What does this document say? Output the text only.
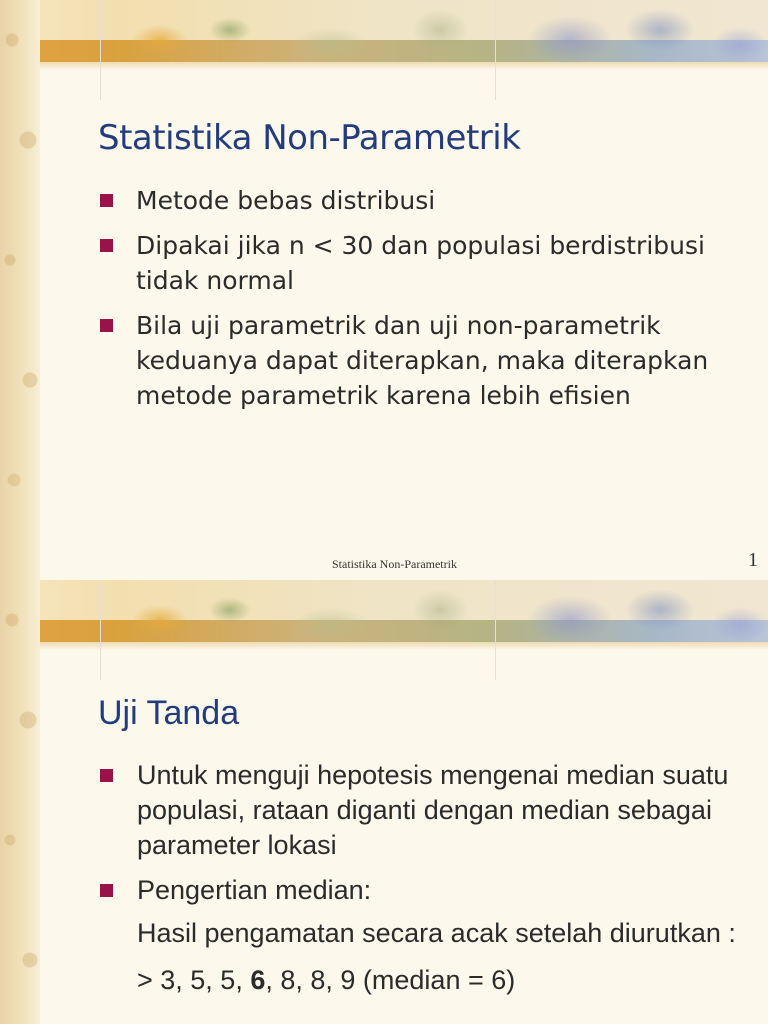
Statistika Non-Parametrik
Metode bebas distribusi
Dipakai jika n < 30 dan populasi berdistribusi tidak normal
Bila uji parametrik dan uji non-parametrik keduanya dapat diterapkan, maka diterapkan metode parametrik karena lebih efisien
Statistika Non-Parametrik	1
Uji Tanda
Untuk menguji hepotesis mengenai median suatu populasi, rataan diganti dengan median sebagai parameter lokasi
Pengertian median:
Hasil pengamatan secara acak setelah diurutkan :
> 3, 5, 5, 6, 8, 8, 9 (median = 6)
